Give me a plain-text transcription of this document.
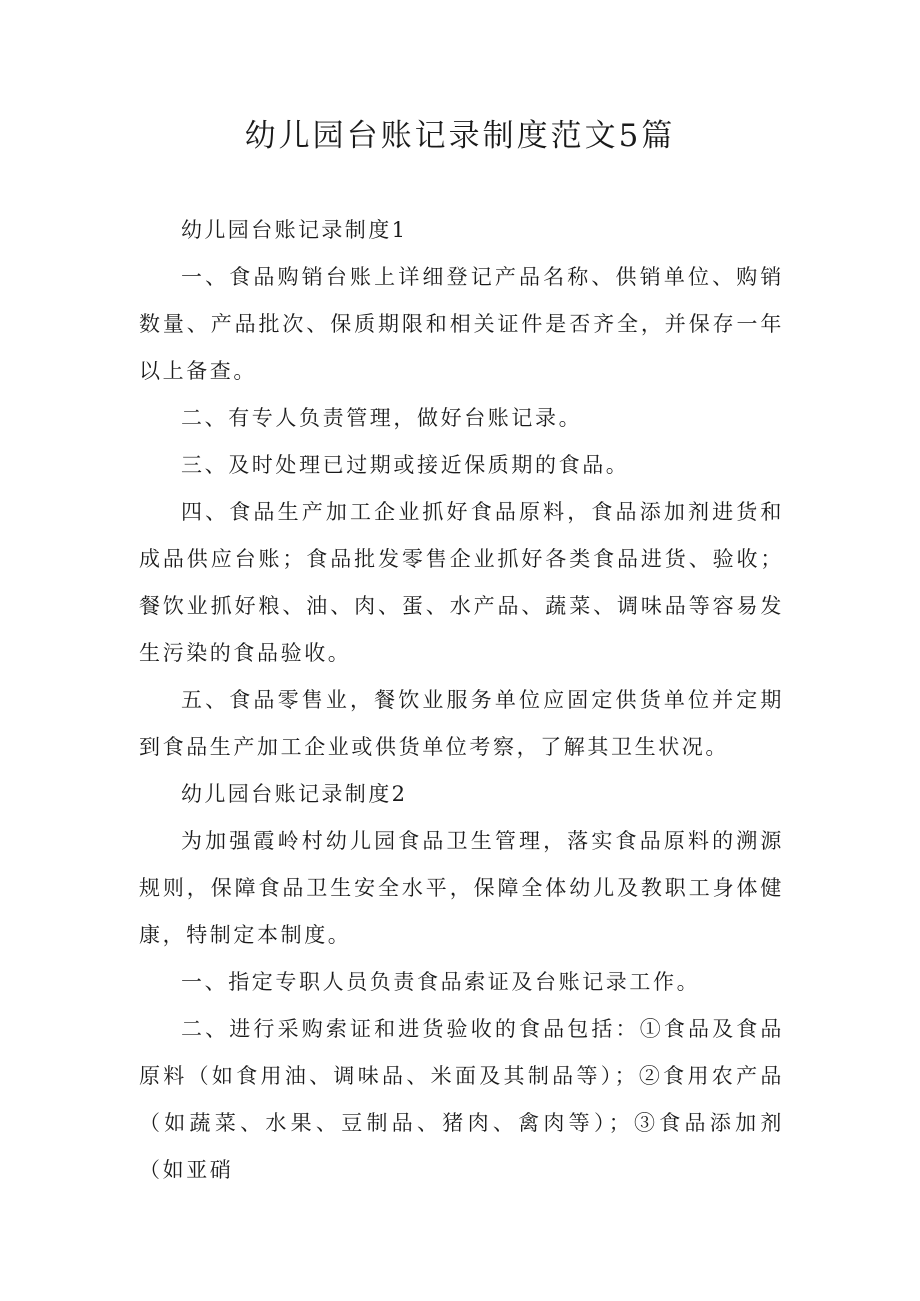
幼儿园台账记录制度范文5篇

幼儿园台账记录制度1

一、食品购销台账上详细登记产品名称、供销单位、购销数量、产品批次、保质期限和相关证件是否齐全，并保存一年以上备查。

二、有专人负责管理，做好台账记录。

三、及时处理已过期或接近保质期的食品。

四、食品生产加工企业抓好食品原料，食品添加剂进货和成品供应台账；食品批发零售企业抓好各类食品进货、验收；餐饮业抓好粮、油、肉、蛋、水产品、蔬菜、调味品等容易发生污染的食品验收。

五、食品零售业，餐饮业服务单位应固定供货单位并定期到食品生产加工企业或供货单位考察，了解其卫生状况。

幼儿园台账记录制度2

为加强霞岭村幼儿园食品卫生管理，落实食品原料的溯源规则，保障食品卫生安全水平，保障全体幼儿及教职工身体健康，特制定本制度。

一、指定专职人员负责食品索证及台账记录工作。

二、进行采购索证和进货验收的食品包括：①食品及食品原料（如食用油、调味品、米面及其制品等）；②食用农产品（如蔬菜、水果、豆制品、猪肉、禽肉等）；③食品添加剂（如亚硝
